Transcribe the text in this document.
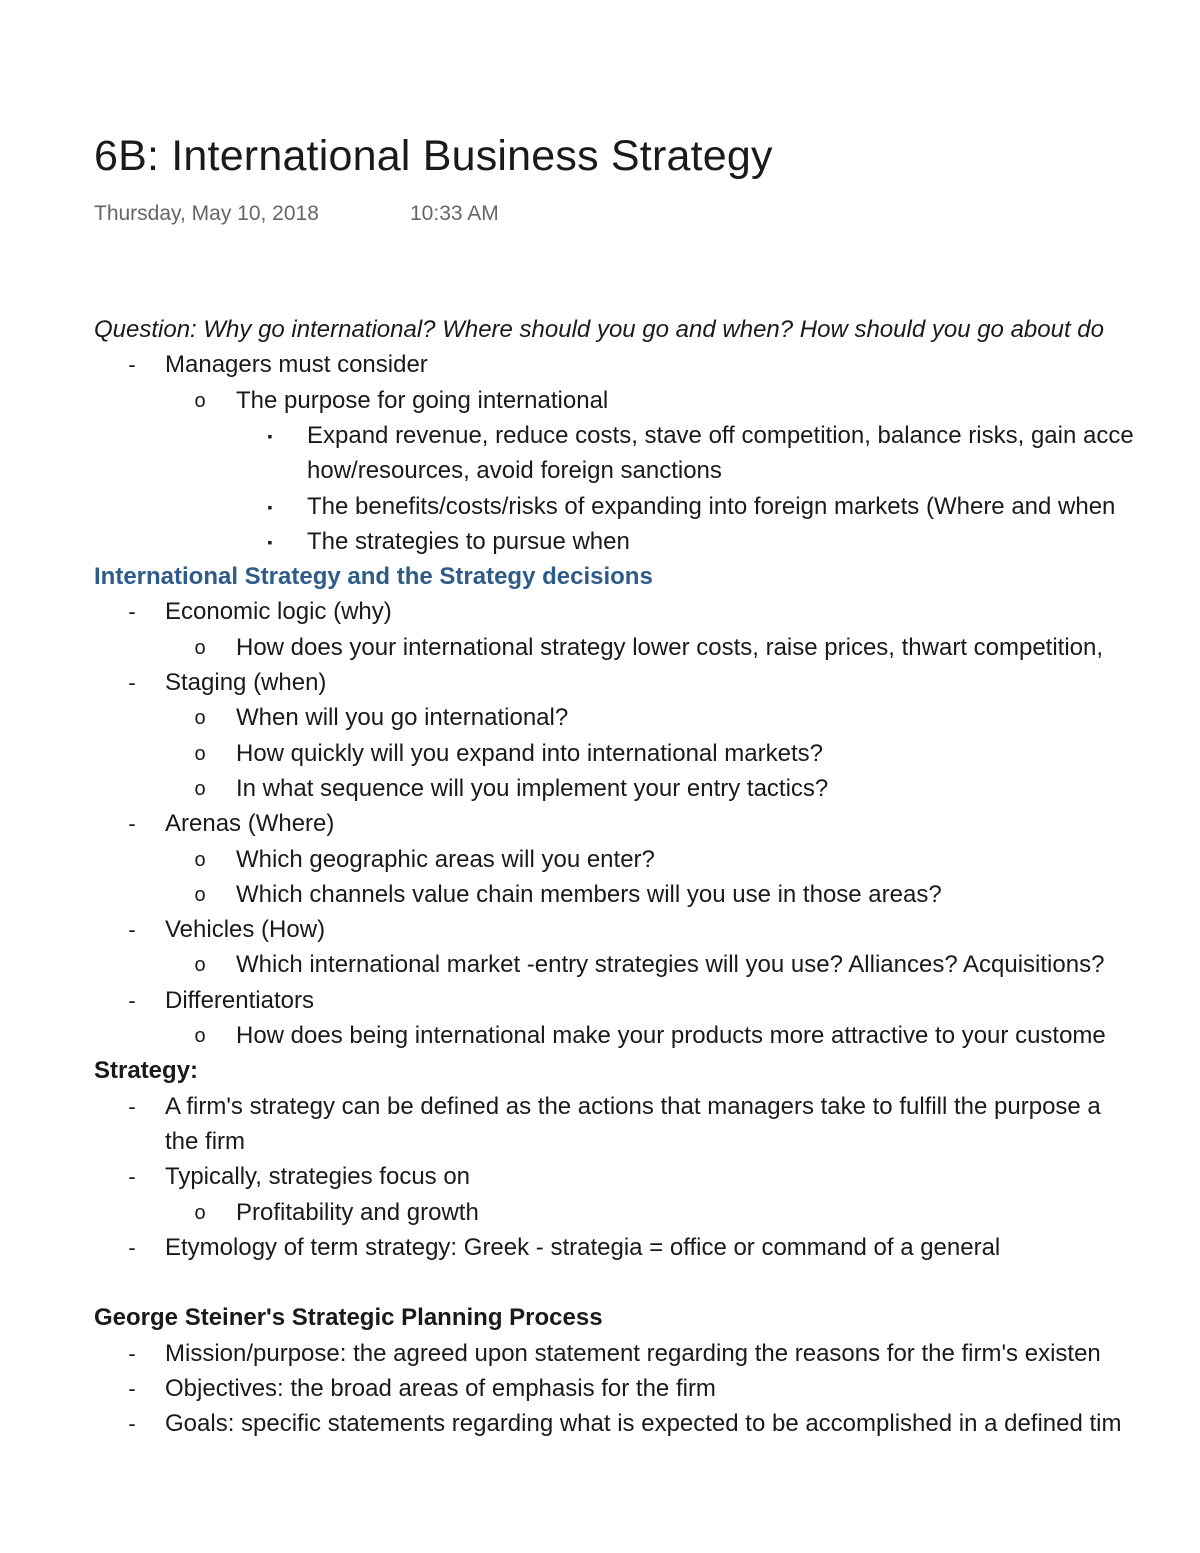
6B: International Business Strategy
Thursday, May 10, 2018	10:33 AM
Question: Why go international? Where should you go and when? How should you go about do
- Managers must consider
o The purpose for going international
▪ Expand revenue, reduce costs, stave off competition, balance risks, gain acce
how/resources, avoid foreign sanctions
▪ The benefits/costs/risks of expanding into foreign markets (Where and when
▪ The strategies to pursue when
International Strategy and the Strategy decisions
- Economic logic (why)
o How does your international strategy lower costs, raise prices, thwart competition,
- Staging (when)
o When will you go international?
o How quickly will you expand into international markets?
o In what sequence will you implement your entry tactics?
- Arenas (Where)
o Which geographic areas will you enter?
o Which channels value chain members will you use in those areas?
- Vehicles (How)
o Which international market -entry strategies will you use? Alliances? Acquisitions?
- Differentiators
o How does being international make your products more attractive to your custome
Strategy:
- A firm's strategy can be defined as the actions that managers take to fulfill the purpose a
the firm
- Typically, strategies focus on
o Profitability and growth
- Etymology of term strategy: Greek - strategia = office or command of a general
George Steiner's Strategic Planning Process
- Mission/purpose: the agreed upon statement regarding the reasons for the firm's existen
- Objectives: the broad areas of emphasis for the firm
- Goals: specific statements regarding what is expected to be accomplished in a defined tim
